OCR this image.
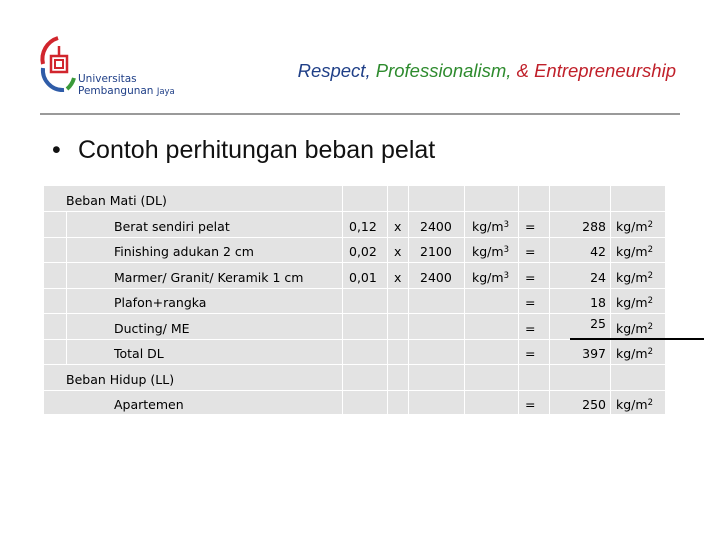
Universitas
Pembangunan Jaya
Respect, Professionalism, & Entrepreneurship
• Contoh perhitungan beban pelat
Beban Mati (DL)
Berat sendiri pelat	0,12 x 2400 $kg/m^3$ =	288 $kg/m^2$
Finishing adukan 2 cm	0,02 x 2100 $kg/m^3$ =	42 $kg/m^2$
Marmer/ Granit/ Keramik 1 cm	0,01 x 2400 $kg/m^3$ =	24 $kg/m^2$
Plafon+rangka	=	18 $kg/m^2$
Ducting/ ME	=	25 $kg/m^2$
Total DL	=	397 $kg/m^2$
Beban Hidup (LL)
Apartemen	=	250 $kg/m^2$
